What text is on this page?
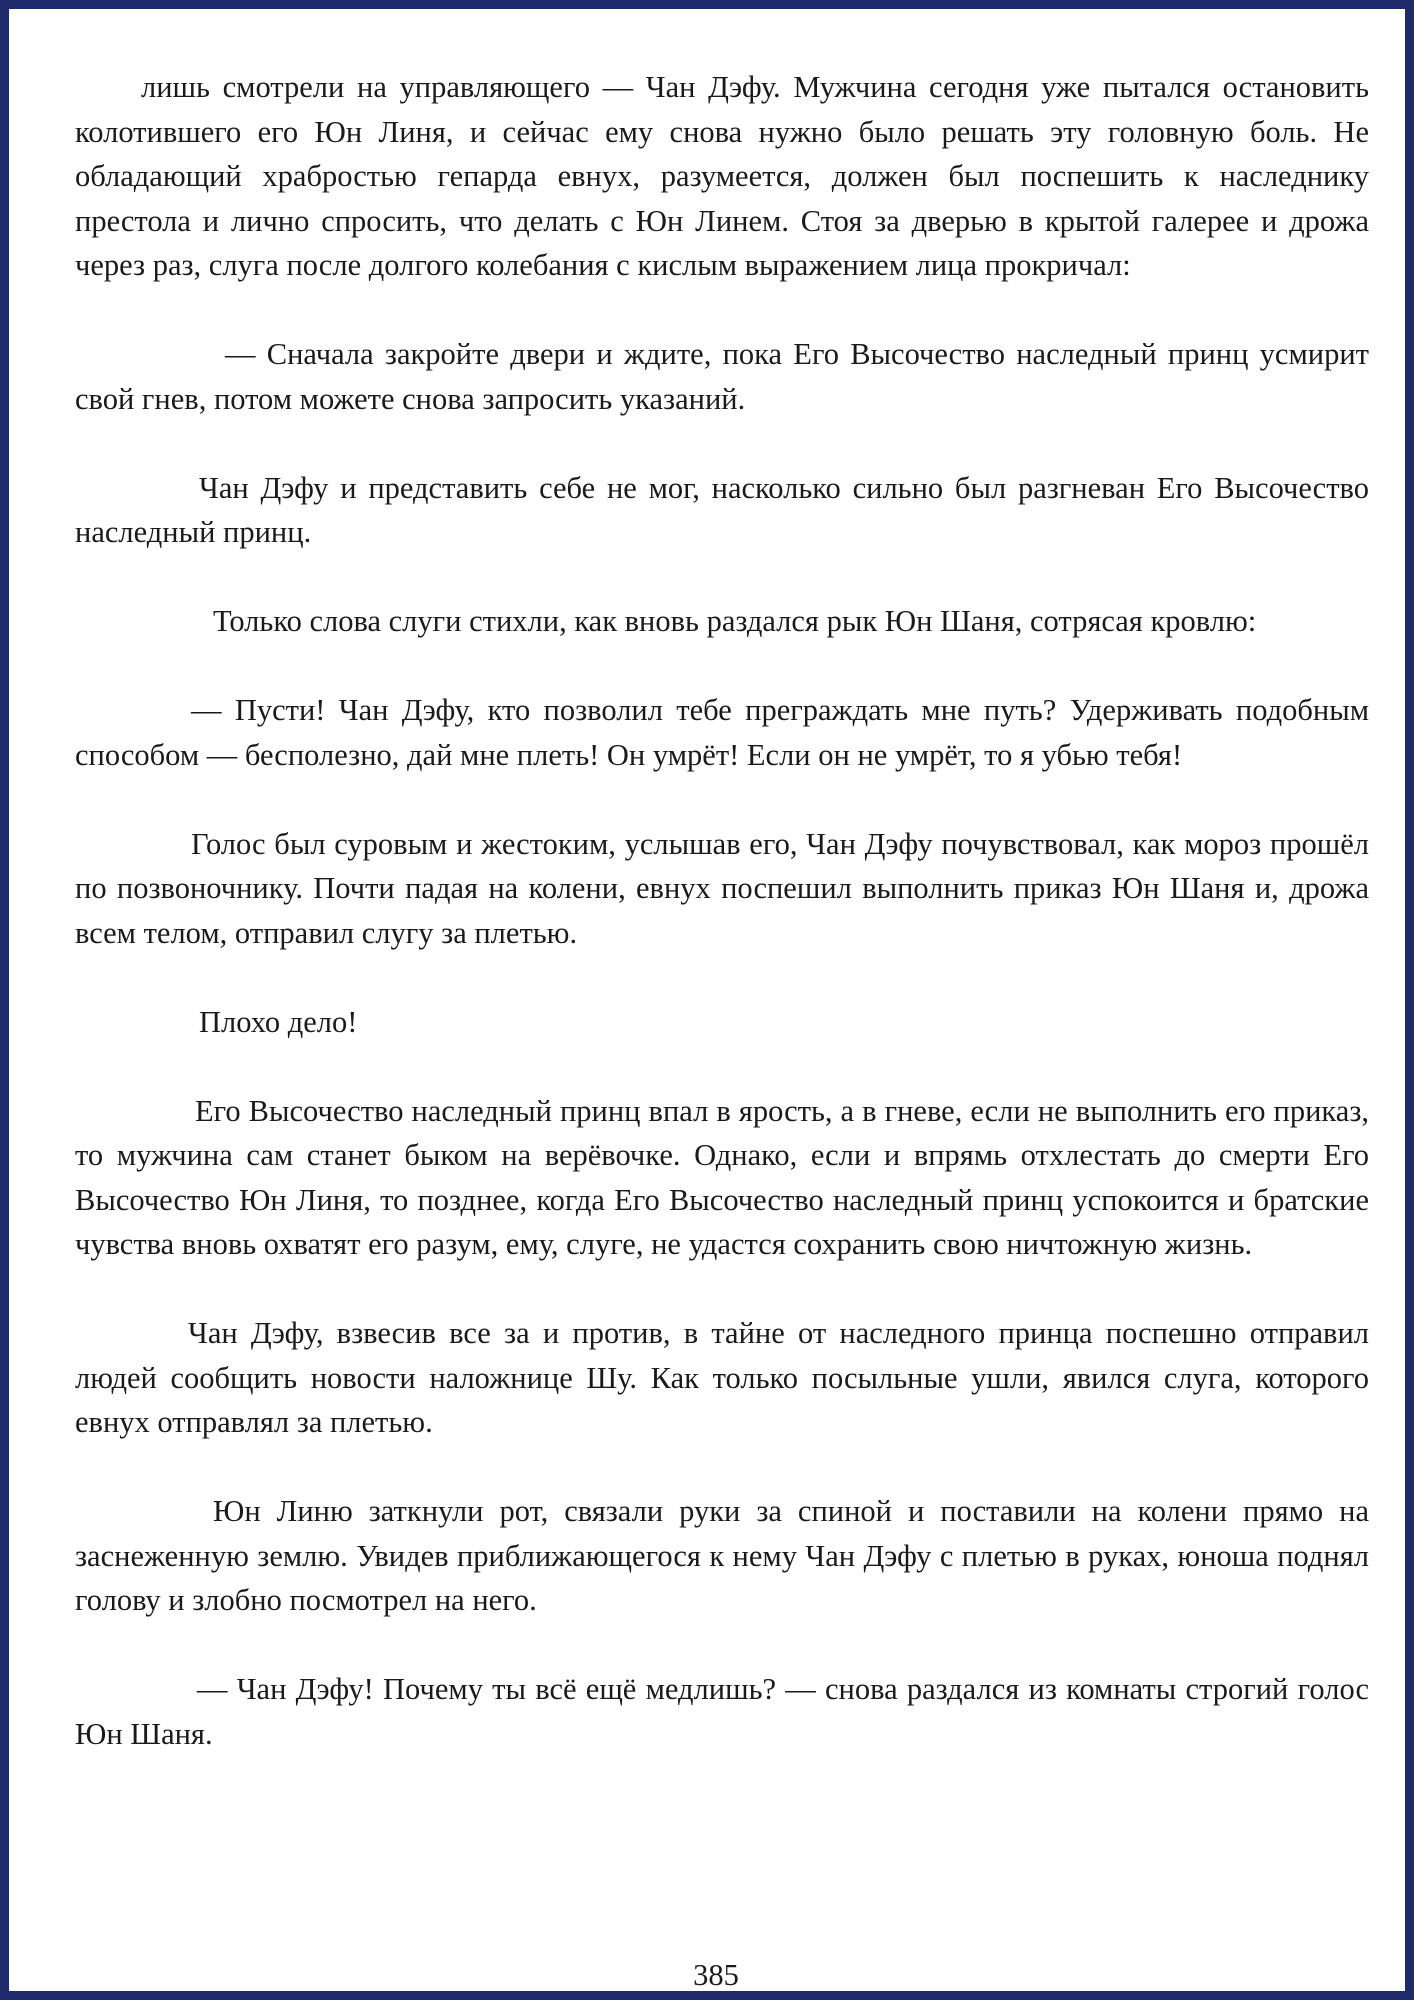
лишь смотрели на управляющего — Чан Дэфу. Мужчина сегодня уже пытался остановить колотившего его Юн Линя, и сейчас ему снова нужно было решать эту головную боль. Не обладающий храбростью гепарда евнух, разумеется, должен был поспешить к наследнику престола и лично спросить, что делать с Юн Линем. Стоя за дверью в крытой галерее и дрожа через раз, слуга после долгого колебания с кислым выражением лица прокричал:

— Сначала закройте двери и ждите, пока Его Высочество наследный принц усмирит свой гнев, потом можете снова запросить указаний.

Чан Дэфу и представить себе не мог, насколько сильно был разгневан Его Высочество наследный принц.

Только слова слуги стихли, как вновь раздался рык Юн Шаня, сотрясая кровлю:

— Пусти! Чан Дэфу, кто позволил тебе преграждать мне путь? Удерживать подобным способом — бесполезно, дай мне плеть! Он умрёт! Если он не умрёт, то я убью тебя!

Голос был суровым и жестоким, услышав его, Чан Дэфу почувствовал, как мороз прошёл по позвоночнику. Почти падая на колени, евнух поспешил выполнить приказ Юн Шаня и, дрожа всем телом, отправил слугу за плетью.

Плохо дело!

Его Высочество наследный принц впал в ярость, а в гневе, если не выполнить его приказ, то мужчина сам станет быком на верёвочке. Однако, если и впрямь отхлестать до смерти Его Высочество Юн Линя, то позднее, когда Его Высочество наследный принц успокоится и братские чувства вновь охватят его разум, ему, слуге, не удастся сохранить свою ничтожную жизнь.

Чан Дэфу, взвесив все за и против, в тайне от наследного принца поспешно отправил людей сообщить новости наложнице Шу. Как только посыльные ушли, явился слуга, которого евнух отправлял за плетью.

Юн Линю заткнули рот, связали руки за спиной и поставили на колени прямо на заснеженную землю. Увидев приближающегося к нему Чан Дэфу с плетью в руках, юноша поднял голову и злобно посмотрел на него.

— Чан Дэфу! Почему ты всё ещё медлишь? — снова раздался из комнаты строгий голос Юн Шаня.

385
